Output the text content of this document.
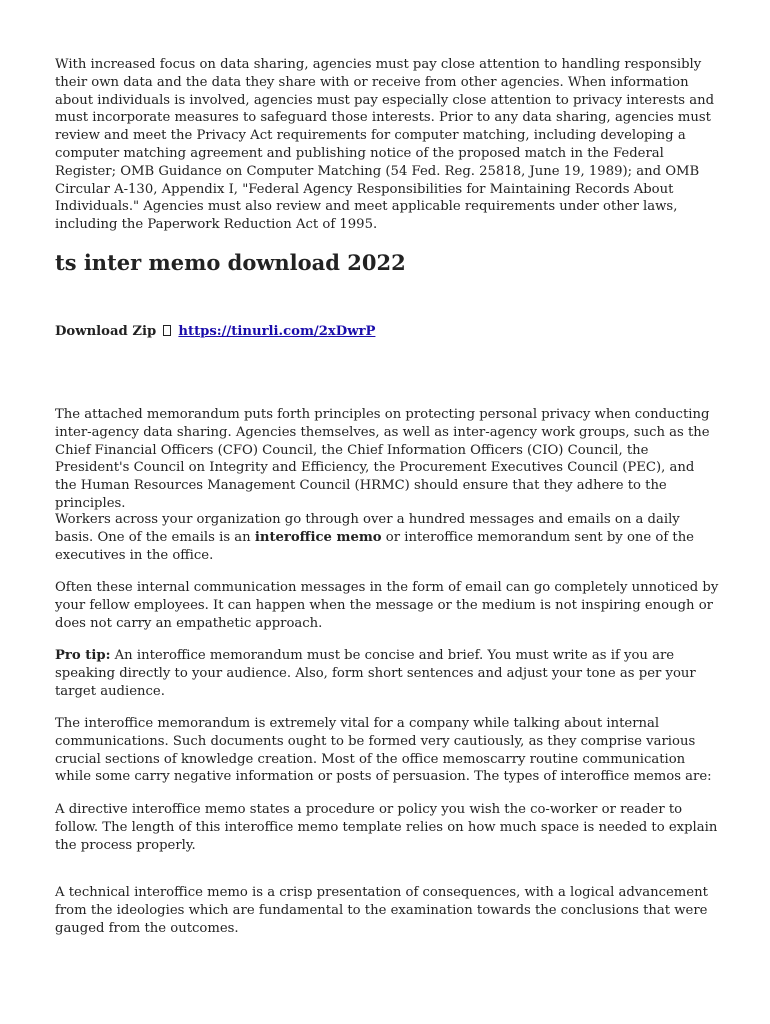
With increased focus on data sharing, agencies must pay close attention to handling responsibly their own data and the data they share with or receive from other agencies. When information about individuals is involved, agencies must pay especially close attention to privacy interests and must incorporate measures to safeguard those interests. Prior to any data sharing, agencies must review and meet the Privacy Act requirements for computer matching, including developing a computer matching agreement and publishing notice of the proposed match in the Federal Register; OMB Guidance on Computer Matching (54 Fed. Reg. 25818, June 19, 1989); and OMB Circular A-130, Appendix I, "Federal Agency Responsibilities for Maintaining Records About Individuals." Agencies must also review and meet applicable requirements under other laws, including the Paperwork Reduction Act of 1995.

ts inter memo download 2022
Download Zip https://tinurli.com/2xDwrP

The attached memorandum puts forth principles on protecting personal privacy when conducting inter-agency data sharing. Agencies themselves, as well as inter-agency work groups, such as the Chief Financial Officers (CFO) Council, the Chief Information Officers (CIO) Council, the President's Council on Integrity and Efficiency, the Procurement Executives Council (PEC), and the Human Resources Management Council (HRMC) should ensure that they adhere to the principles.

Workers across your organization go through over a hundred messages and emails on a daily basis. One of the emails is an interoffice memo or interoffice memorandum sent by one of the executives in the office.

Often these internal communication messages in the form of email can go completely unnoticed by your fellow employees. It can happen when the message or the medium is not inspiring enough or does not carry an empathetic approach.

Pro tip: An interoffice memorandum must be concise and brief. You must write as if you are speaking directly to your audience. Also, form short sentences and adjust your tone as per your target audience.

The interoffice memorandum is extremely vital for a company while talking about internal communications. Such documents ought to be formed very cautiously, as they comprise various crucial sections of knowledge creation. Most of the office memoscarry routine communication while some carry negative information or posts of persuasion. The types of interoffice memos are:

A directive interoffice memo states a procedure or policy you wish the co-worker or reader to follow. The length of this interoffice memo template relies on how much space is needed to explain the process properly.

A technical interoffice memo is a crisp presentation of consequences, with a logical advancement from the ideologies which are fundamental to the examination towards the conclusions that were gauged from the outcomes.
